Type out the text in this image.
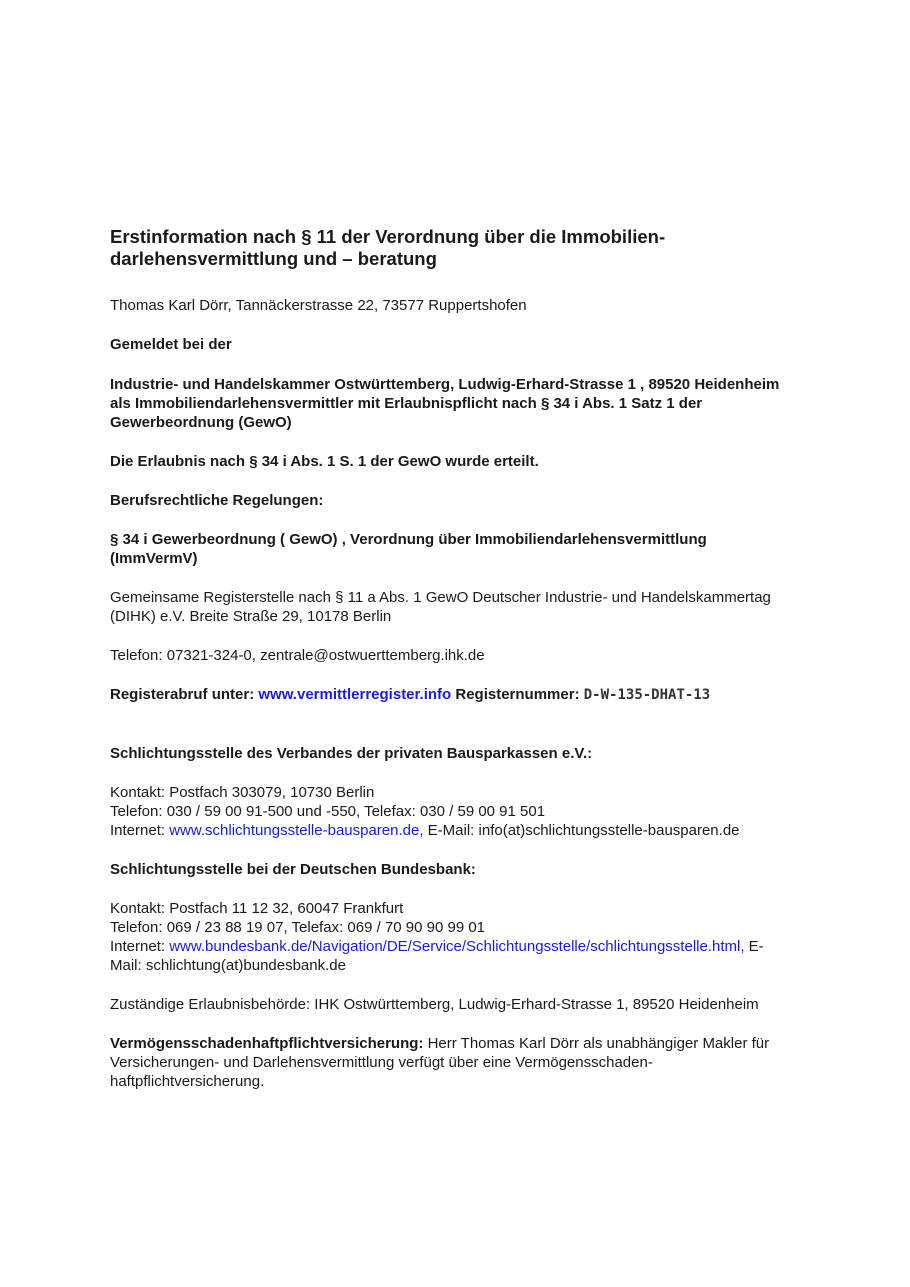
Erstinformation nach § 11 der Verordnung über die Immobilien-
darlehensvermittlung und – beratung

Thomas Karl Dörr, Tannäckerstrasse 22, 73577 Ruppertshofen

Gemeldet bei der

Industrie- und Handelskammer Ostwürttemberg, Ludwig-Erhard-Strasse 1 , 89520 Heidenheim
als Immobiliendarlehensvermittler mit Erlaubnispflicht nach § 34 i Abs. 1 Satz 1 der
Gewerbeordnung (GewO)

Die Erlaubnis nach § 34 i Abs. 1 S. 1 der GewO wurde erteilt.

Berufsrechtliche Regelungen:

§ 34 i Gewerbeordnung ( GewO) , Verordnung über Immobiliendarlehensvermittlung
(ImmVermV)

Gemeinsame Registerstelle nach § 11 a Abs. 1 GewO Deutscher Industrie- und Handelskammertag
(DIHK) e.V. Breite Straße 29, 10178 Berlin

Telefon: 07321-324-0, zentrale@ostwuerttemberg.ihk.de

Registerabruf unter: www.vermittlerregister.info Registernummer: D-W-135-DHAT-13

Schlichtungsstelle des Verbandes der privaten Bausparkassen e.V.:

Kontakt: Postfach 303079, 10730 Berlin
Telefon: 030 / 59 00 91-500 und -550, Telefax: 030 / 59 00 91 501
Internet: www.schlichtungsstelle-bausparen.de, E-Mail: info(at)schlichtungsstelle-bausparen.de

Schlichtungsstelle bei der Deutschen Bundesbank:

Kontakt: Postfach 11 12 32, 60047 Frankfurt
Telefon: 069 / 23 88 19 07, Telefax: 069 / 70 90 90 99 01
Internet: www.bundesbank.de/Navigation/DE/Service/Schlichtungsstelle/schlichtungsstelle.html, E-
Mail: schlichtung(at)bundesbank.de

Zuständige Erlaubnisbehörde: IHK Ostwürttemberg, Ludwig-Erhard-Strasse 1, 89520 Heidenheim

Vermögensschadenhaftpflichtversicherung: Herr Thomas Karl Dörr als unabhängiger Makler für
Versicherungen- und Darlehensvermittlung verfügt über eine Vermögensschaden-
haftpflichtversicherung.
